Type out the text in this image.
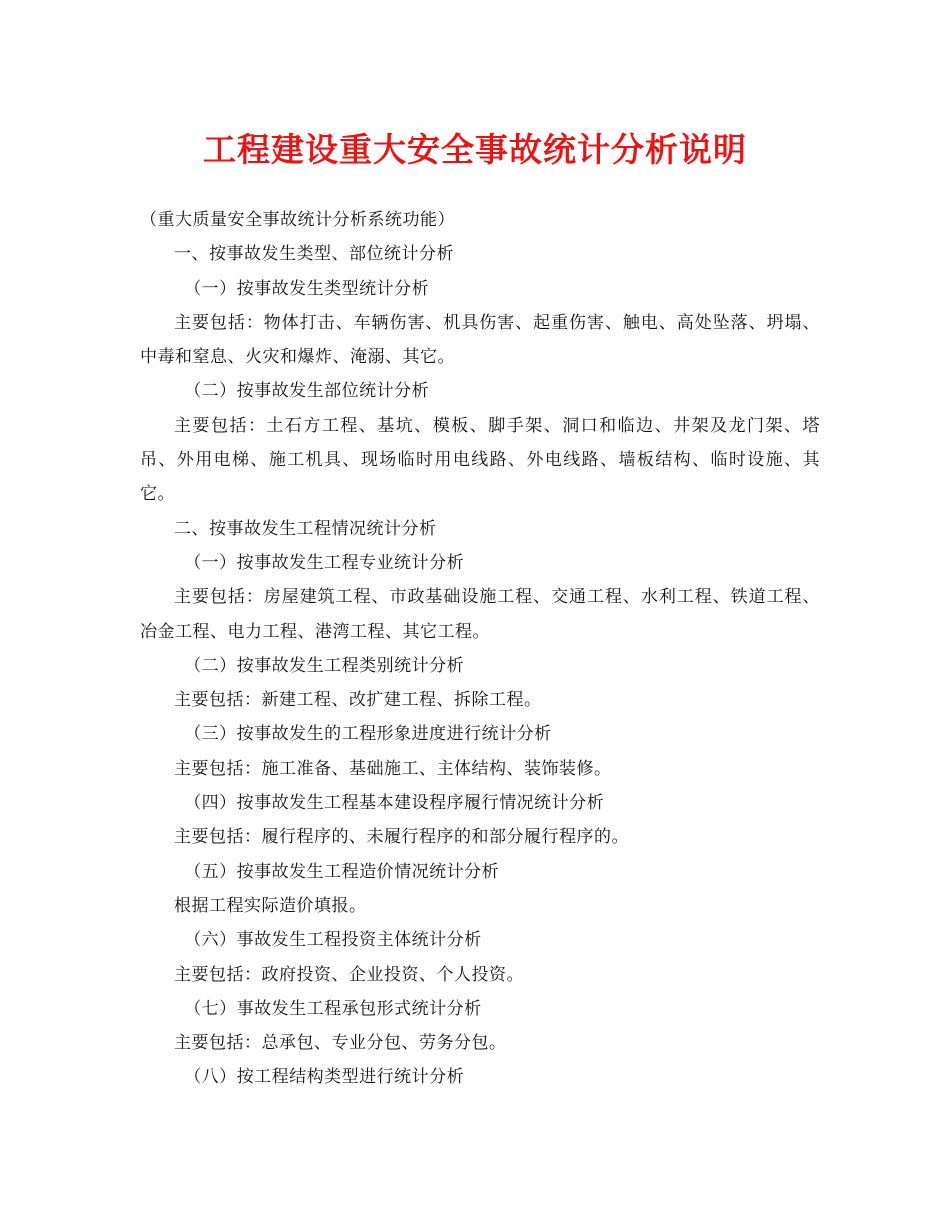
工程建设重大安全事故统计分析说明

（重大质量安全事故统计分析系统功能）

一、按事故发生类型、部位统计分析

（一）按事故发生类型统计分析

主要包括：物体打击、车辆伤害、机具伤害、起重伤害、触电、高处坠落、坍塌、中毒和窒息、火灾和爆炸、淹溺、其它。

（二）按事故发生部位统计分析

主要包括：土石方工程、基坑、模板、脚手架、洞口和临边、井架及龙门架、塔吊、外用电梯、施工机具、现场临时用电线路、外电线路、墙板结构、临时设施、其它。

二、按事故发生工程情况统计分析

（一）按事故发生工程专业统计分析

主要包括：房屋建筑工程、市政基础设施工程、交通工程、水利工程、铁道工程、冶金工程、电力工程、港湾工程、其它工程。

（二）按事故发生工程类别统计分析

主要包括：新建工程、改扩建工程、拆除工程。

（三）按事故发生的工程形象进度进行统计分析

主要包括：施工准备、基础施工、主体结构、装饰装修。

（四）按事故发生工程基本建设程序履行情况统计分析

主要包括：履行程序的、未履行程序的和部分履行程序的。

（五）按事故发生工程造价情况统计分析

根据工程实际造价填报。

（六）事故发生工程投资主体统计分析

主要包括：政府投资、企业投资、个人投资。

（七）事故发生工程承包形式统计分析

主要包括：总承包、专业分包、劳务分包。

（八）按工程结构类型进行统计分析
